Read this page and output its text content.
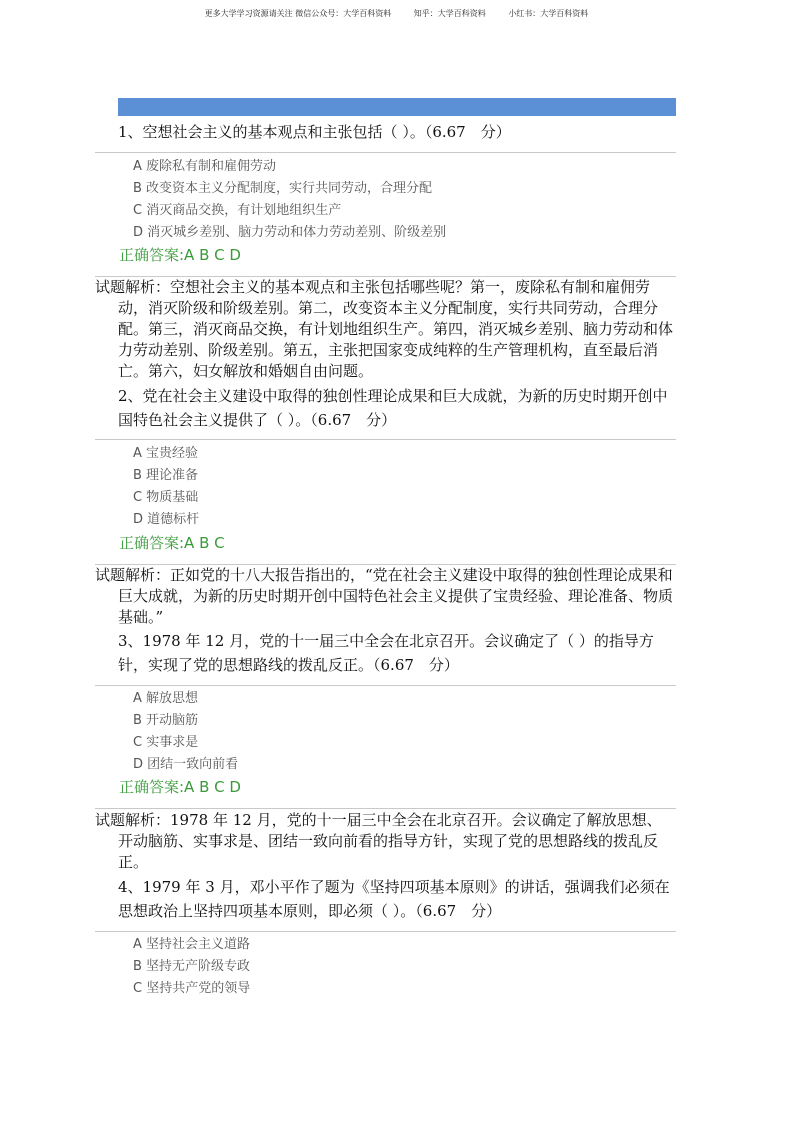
更多大学学习资源请关注 微信公众号：大学百科资料	知乎：大学百科资料	小红书：大学百科资料
1、空想社会主义的基本观点和主张包括（ ）。（6.67　分）
A 废除私有制和雇佣劳动
B 改变资本主义分配制度，实行共同劳动，合理分配
C 消灭商品交换，有计划地组织生产
D 消灭城乡差别、脑力劳动和体力劳动差别、阶级差别
正确答案:A B C D
试题解析：空想社会主义的基本观点和主张包括哪些呢？第一，废除私有制和雇佣劳动，消灭阶级和阶级差别。第二，改变资本主义分配制度，实行共同劳动，合理分配。第三，消灭商品交换，有计划地组织生产。第四，消灭城乡差别、脑力劳动和体力劳动差别、阶级差别。第五，主张把国家变成纯粹的生产管理机构，直至最后消亡。第六，妇女解放和婚姻自由问题。
2、党在社会主义建设中取得的独创性理论成果和巨大成就，为新的历史时期开创中国特色社会主义提供了（ ）。（6.67　分）
A 宝贵经验
B 理论准备
C 物质基础
D 道德标杆
正确答案:A B C
试题解析：正如党的十八大报告指出的，“党在社会主义建设中取得的独创性理论成果和巨大成就，为新的历史时期开创中国特色社会主义提供了宝贵经验、理论准备、物质基础。”
3、1978 年 12 月，党的十一届三中全会在北京召开。会议确定了（ ）的指导方针，实现了党的思想路线的拨乱反正。（6.67　分）
A 解放思想
B 开动脑筋
C 实事求是
D 团结一致向前看
正确答案:A B C D
试题解析：1978 年 12 月，党的十一届三中全会在北京召开。会议确定了解放思想、开动脑筋、实事求是、团结一致向前看的指导方针，实现了党的思想路线的拨乱反正。
4、1979 年 3 月，邓小平作了题为《坚持四项基本原则》的讲话，强调我们必须在思想政治上坚持四项基本原则，即必须（ ）。（6.67　分）
A 坚持社会主义道路
B 坚持无产阶级专政
C 坚持共产党的领导
